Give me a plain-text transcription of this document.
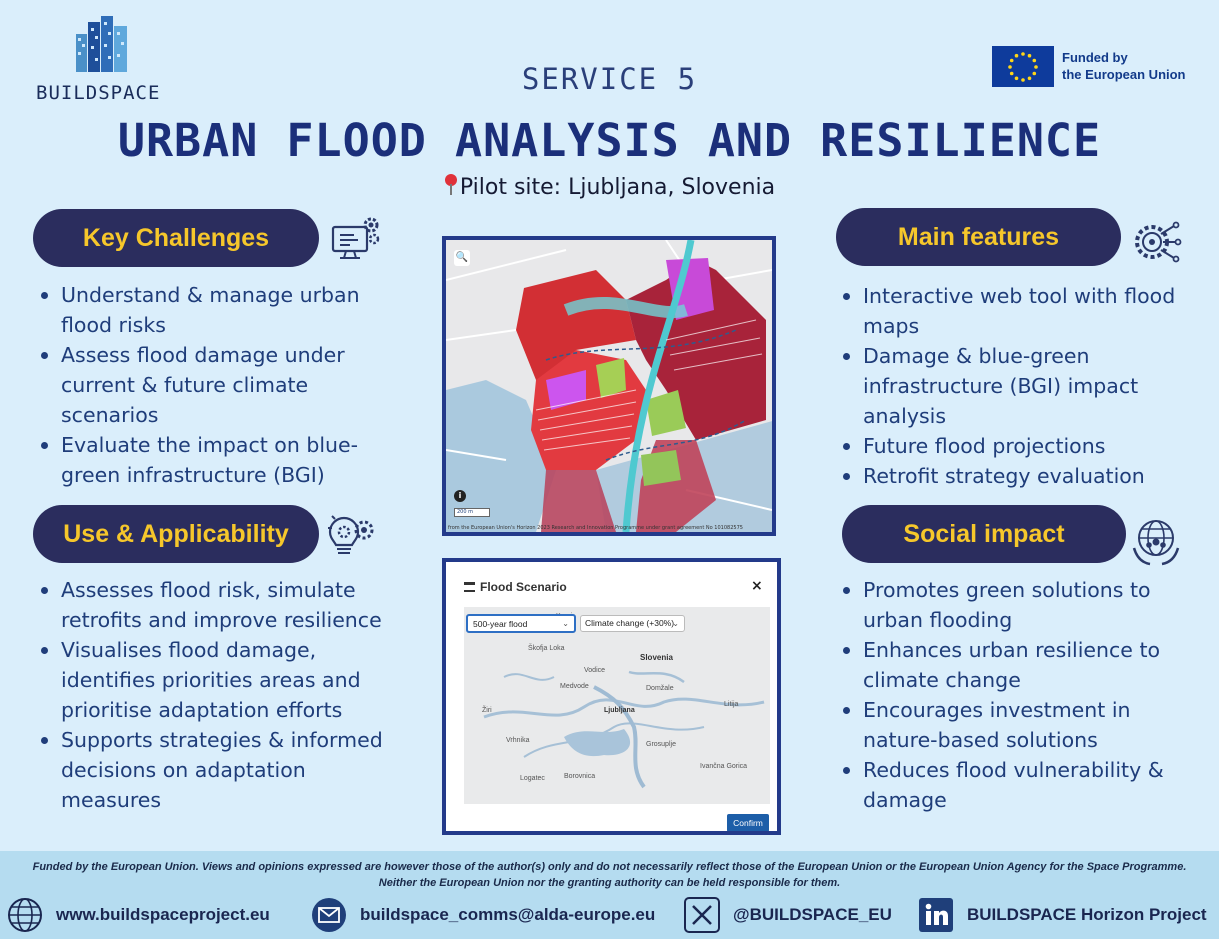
BUILDSPACE
Funded by
the European Union
SERVICE 5
URBAN FLOOD ANALYSIS AND RESILIENCE
Pilot site: Ljubljana, Slovenia
Key Challenges
Understand & manage urban flood risks
Assess flood damage under current & future climate scenarios
Evaluate the impact on blue-green infrastructure (BGI)
Use & Applicability
Assesses flood risk, simulate retrofits and improve resilience
Visualises flood damage, identifies priorities areas and prioritise adaptation efforts
Supports strategies & informed decisions on adaptation measures
Main features
Interactive web tool with flood maps
Damage & blue-green infrastructure (BGI) impact analysis
Future flood projections
Retrofit strategy evaluation
Social impact
Promotes green solutions to urban flooding
Enhances urban resilience to climate change
Encourages investment in nature-based solutions
Reduces flood vulnerability & damage
🔍
i
200 m
from the European Union's Horizon 2023 Research and Innovation Programme under grant agreement No 101082575
Flood Scenario	×
Škofja Loka
Slovenia
Domžale
Ljubljana
Vrhnika
Grosuplje
Litija
Logatec	Borovnica
Ivančna Gorica
Žiri
Vodice
Medvode
500-year flood	⌄	Climate change (+30%)
⌄
Confirm
Funded by the European Union. Views and opinions expressed are however those of the author(s) only and do not necessarily reflect those of the European Union or the European Union Agency for the Space Programme. Neither the European Union nor the granting authority can be held responsible for them.
www.buildspaceproject.eu	buildspace_comms@alda-europe.eu	@BUILDSPACE_EU	BUILDSPACE Horizon Project
